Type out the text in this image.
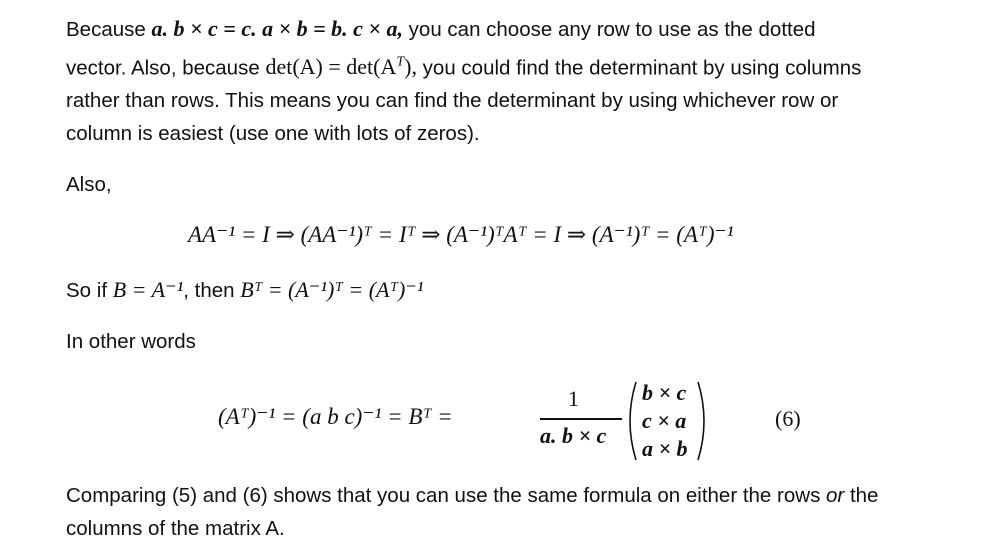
Because a. b × c = c. a × b = b. c × a, you can choose any row to use as the dotted
vector. Also, because $\det(A) = \det(A^T)$, you could find the determinant by using columns
rather than rows. This means you can find the determinant by using whichever row or
column is easiest (use one with lots of zeros).

Also,

AA⁻¹ = I ⇒ (AA⁻¹)ᵀ = Iᵀ ⇒ (A⁻¹)ᵀAᵀ = I ⇒ (A⁻¹)ᵀ = (Aᵀ)⁻¹

So if B = A⁻¹, then Bᵀ = (A⁻¹)ᵀ = (Aᵀ)⁻¹

In other words

(Aᵀ)⁻¹ = (a b c)⁻¹ = Bᵀ =
1
a. b × c
b × c
c × a
a × b
(6)

Comparing (5) and (6) shows that you can use the same formula on either the rows or the
columns of the matrix A.
